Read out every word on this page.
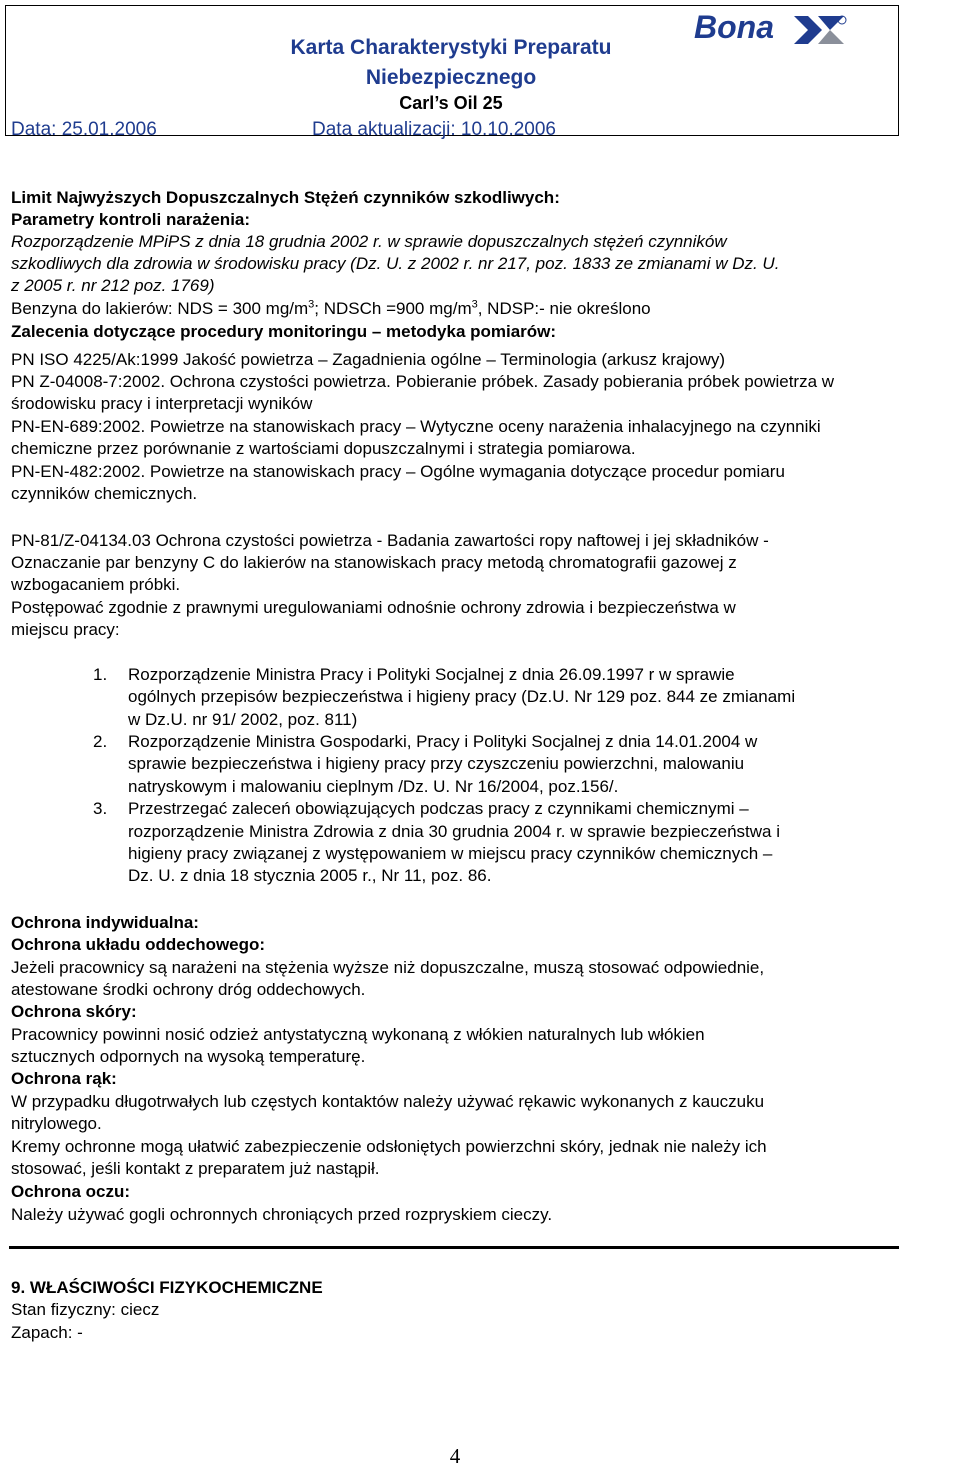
Karta Charakterystyki Preparatu
Niebezpiecznego
Carl’s Oil 25
Data: 25.01.2006	Data aktualizacji: 10.10.2006
Bona
Limit Najwyższych Dopuszczalnych Stężeń czynników szkodliwych:
Parametry kontroli narażenia:
Rozporządzenie MPiPS z dnia 18 grudnia 2002 r. w sprawie dopuszczalnych stężeń czynników
szkodliwych dla zdrowia w środowisku pracy (Dz. U. z 2002 r. nr 217, poz. 1833 ze zmianami w Dz. U.
z 2005 r. nr 212 poz. 1769)
Benzyna do lakierów: NDS = 300 $mg/m^3$; NDSCh =900 $mg/m^3$, NDSP:- nie określono
Zalecenia dotyczące procedury monitoringu – metodyka pomiarów:
PN ISO 4225/Ak:1999 Jakość powietrza – Zagadnienia ogólne – Terminologia (arkusz krajowy)
PN Z-04008-7:2002. Ochrona czystości powietrza. Pobieranie próbek. Zasady pobierania próbek powietrza w
środowisku pracy i interpretacji wyników
PN-EN-689:2002. Powietrze na stanowiskach pracy – Wytyczne oceny narażenia inhalacyjnego na czynniki
chemiczne przez porównanie z wartościami dopuszczalnymi i strategia pomiarowa.
PN-EN-482:2002. Powietrze na stanowiskach pracy – Ogólne wymagania dotyczące procedur pomiaru
czynników chemicznych.
PN-81/Z-04134.03 Ochrona czystości powietrza - Badania zawartości ropy naftowej i jej składników -
Oznaczanie par benzyny C do lakierów na stanowiskach pracy metodą chromatografii gazowej z
wzbogacaniem próbki.
Postępować zgodnie z prawnymi uregulowaniami odnośnie ochrony zdrowia i bezpieczeństwa w
miejscu pracy:
1. Rozporządzenie Ministra Pracy i Polityki Socjalnej z dnia 26.09.1997 r w sprawie
ogólnych przepisów bezpieczeństwa i higieny pracy (Dz.U. Nr 129 poz. 844 ze zmianami
w Dz.U. nr 91/ 2002, poz. 811)
2. Rozporządzenie Ministra Gospodarki, Pracy i Polityki Socjalnej z dnia 14.01.2004 w
sprawie bezpieczeństwa i higieny pracy przy czyszczeniu powierzchni, malowaniu
natryskowym i malowaniu cieplnym /Dz. U. Nr 16/2004, poz.156/.
3. Przestrzegać zaleceń obowiązujących podczas pracy z czynnikami chemicznymi –
rozporządzenie Ministra Zdrowia z dnia 30 grudnia 2004 r. w sprawie bezpieczeństwa i
higieny pracy związanej z występowaniem w miejscu pracy czynników chemicznych –
Dz. U. z dnia 18 stycznia 2005 r., Nr 11, poz. 86.
Ochrona indywidualna:
Ochrona układu oddechowego:
Jeżeli pracownicy są narażeni na stężenia wyższe niż dopuszczalne, muszą stosować odpowiednie,
atestowane środki ochrony dróg oddechowych.
Ochrona skóry:
Pracownicy powinni nosić odzież antystatyczną wykonaną z włókien naturalnych lub włókien
sztucznych odpornych na wysoką temperaturę.
Ochrona rąk:
W przypadku długotrwałych lub częstych kontaktów należy używać rękawic wykonanych z kauczuku
nitrylowego.
Kremy ochronne mogą ułatwić zabezpieczenie odsłoniętych powierzchni skóry, jednak nie należy ich
stosować, jeśli kontakt z preparatem już nastąpił.
Ochrona oczu:
Należy używać gogli ochronnych chroniących przed rozpryskiem cieczy.
9. WŁAŚCIWOŚCI FIZYKOCHEMICZNE
Stan fizyczny: ciecz
Zapach: -
4
